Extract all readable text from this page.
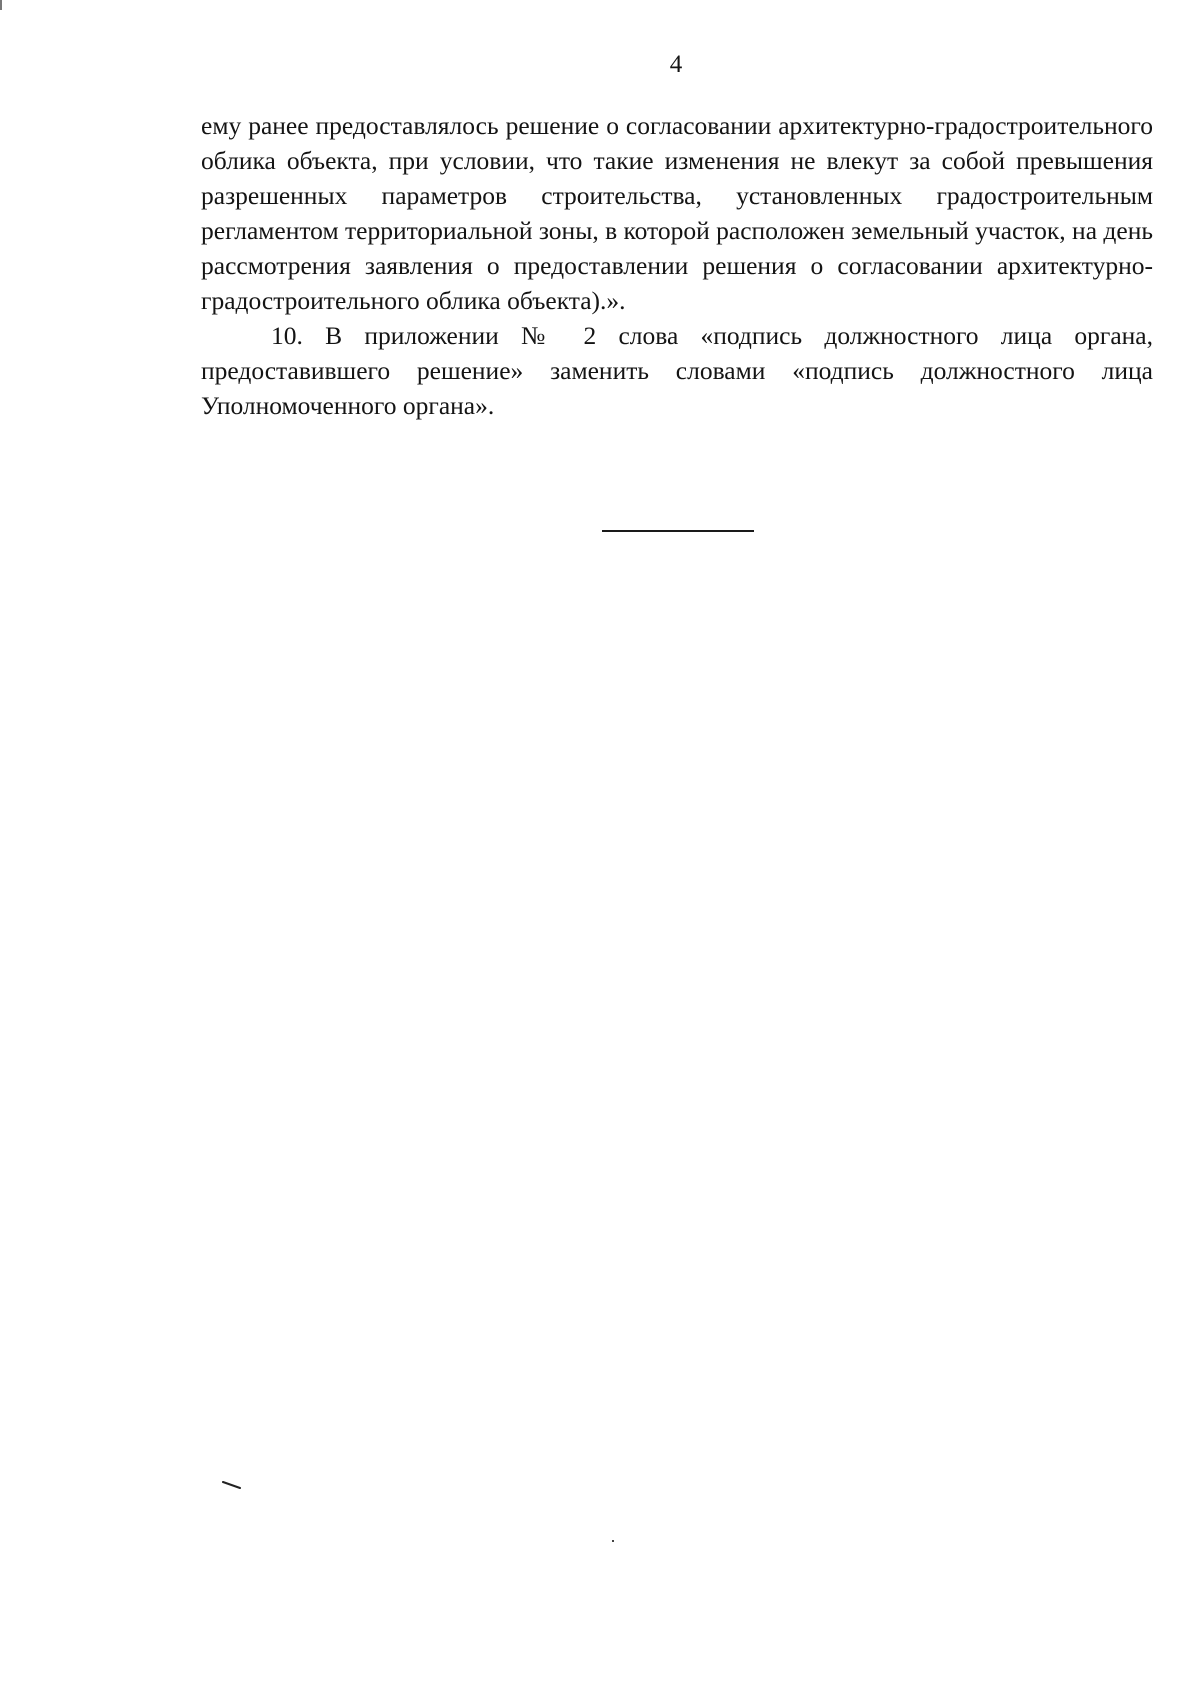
4

ему ранее предоставлялось решение о согласовании архитектурно-градостроительного облика объекта, при условии, что такие изменения не влекут за собой превышения разрешенных параметров строительства, установленных градостроительным регламентом территориальной зоны, в которой расположен земельный участок, на день рассмотрения заявления о предоставлении решения о согласовании архитектурно-градостроительного облика объекта).».

10. В приложении № 2 слова «подпись должностного лица органа, предоставившего решение» заменить словами «подпись должностного лица Уполномоченного органа».
